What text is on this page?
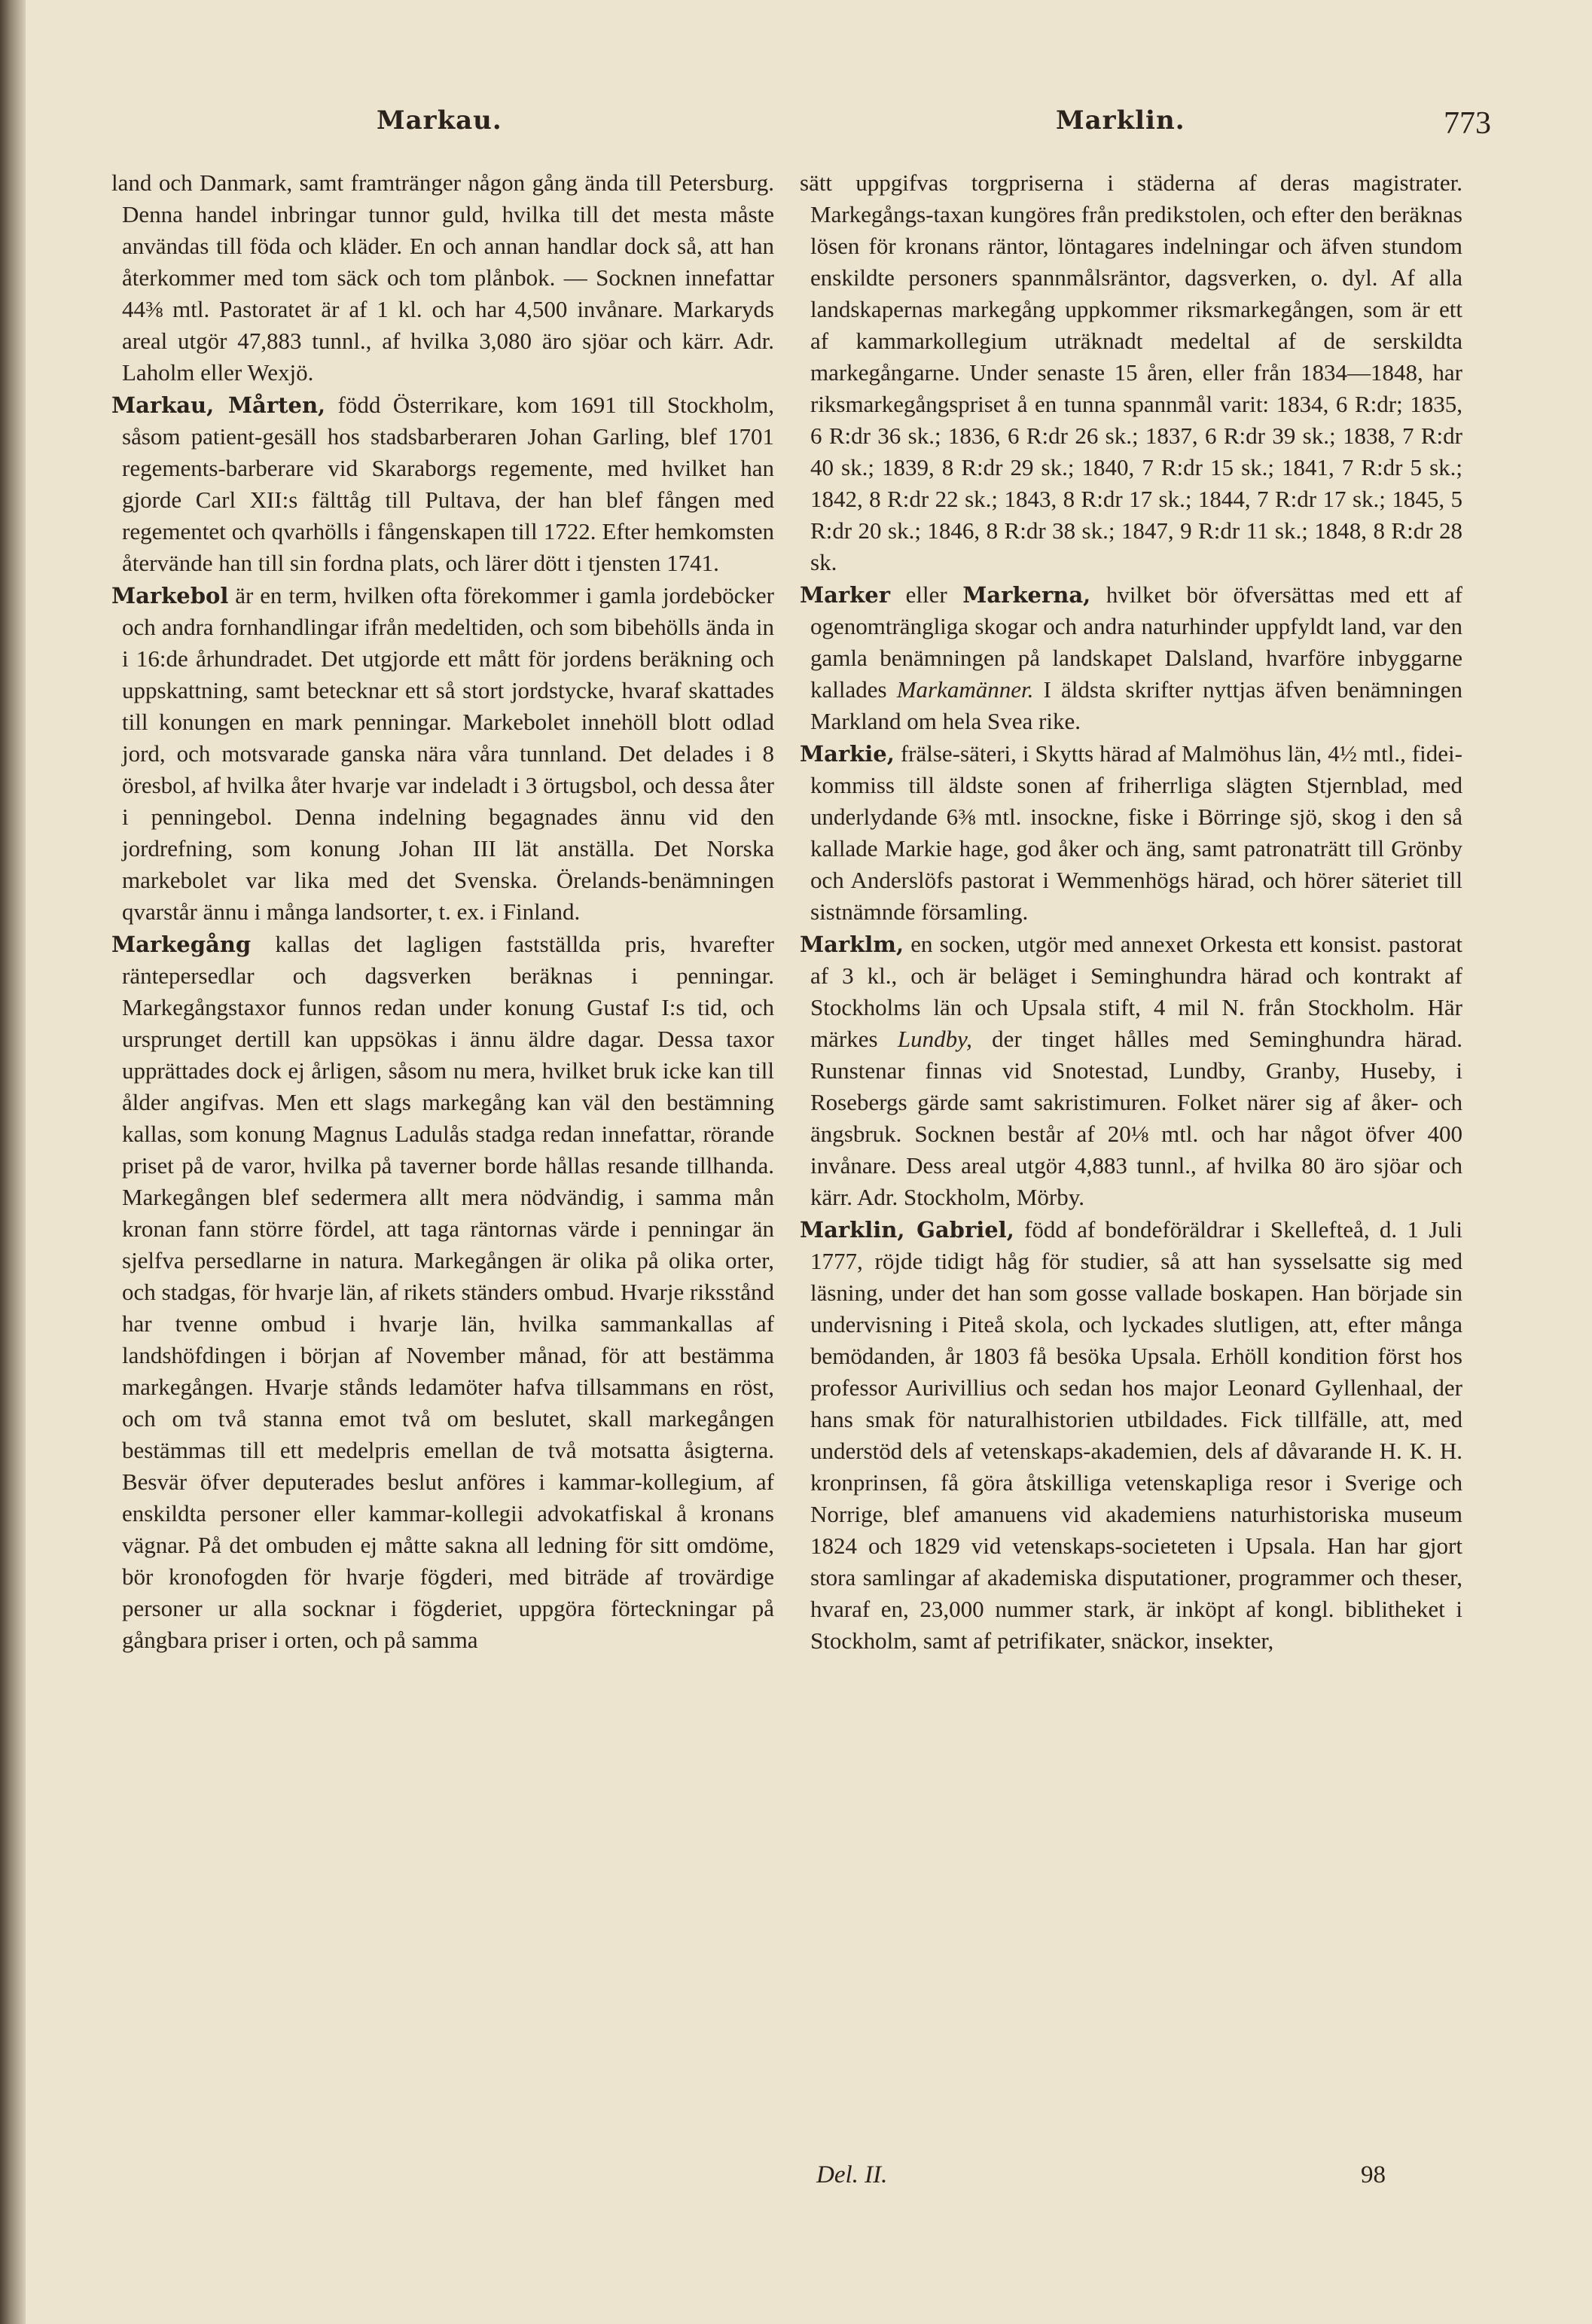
Markau.	Marklin.	773

land och Danmark, samt framtränger någon gång ända till Petersburg. Denna handel inbringar tunnor guld, hvilka till det mesta måste användas till föda och kläder. En och annan handlar dock så, att han återkommer med tom säck och tom plånbok. — Socknen innefattar 44⅜ mtl. Pastoratet är af 1 kl. och har 4,500 invånare. Markaryds areal utgör 47,883 tunnl., af hvilka 3,080 äro sjöar och kärr. Adr. Laholm eller Wexjö.

Markau, Mårten, född Österrikare, kom 1691 till Stockholm, såsom patient-gesäll hos stadsbarberaren Johan Garling, blef 1701 regements-barberare vid Skaraborgs regemente, med hvilket han gjorde Carl XII:s fälttåg till Pultava, der han blef fången med regementet och qvarhölls i fångenskapen till 1722. Efter hemkomsten återvände han till sin fordna plats, och lärer dött i tjensten 1741.

Markebol är en term, hvilken ofta förekommer i gamla jordeböcker och andra fornhandlingar ifrån medeltiden, och som bibehölls ända in i 16:de århundradet. Det utgjorde ett mått för jordens beräkning och uppskattning, samt betecknar ett så stort jordstycke, hvaraf skattades till konungen en mark penningar. Markebolet innehöll blott odlad jord, och motsvarade ganska nära våra tunnland. Det delades i 8 öresbol, af hvilka åter hvarje var indeladt i 3 örtugsbol, och dessa åter i penningebol. Denna indelning begagnades ännu vid den jordrefning, som konung Johan III lät anställa. Det Norska markebolet var lika med det Svenska. Örelands-benämningen qvarstår ännu i många landsorter, t. ex. i Finland.

Markegång kallas det lagligen fastställda pris, hvarefter räntepersedlar och dagsverken beräknas i penningar. Markegångstaxor funnos redan under konung Gustaf I:s tid, och ursprunget dertill kan uppsökas i ännu äldre dagar. Dessa taxor upprättades dock ej årligen, såsom nu mera, hvilket bruk icke kan till ålder angifvas. Men ett slags markegång kan väl den bestämning kallas, som konung Magnus Ladulås stadga redan innefattar, rörande priset på de varor, hvilka på taverner borde hållas resande tillhanda. Markegången blef sedermera allt mera nödvändig, i samma mån kronan fann större fördel, att taga räntornas värde i penningar än sjelfva persedlarne in natura. Markegången är olika på olika orter, och stadgas, för hvarje län, af rikets ständers ombud. Hvarje riksstånd har tvenne ombud i hvarje län, hvilka sammankallas af landshöfdingen i början af November månad, för att bestämma markegången. Hvarje stånds ledamöter hafva tillsammans en röst, och om två stanna emot två om beslutet, skall markegången bestämmas till ett medelpris emellan de två motsatta åsigterna. Besvär öfver deputerades beslut anföres i kammar-kollegium, af enskildta personer eller kammar-kollegii advokatfiskal å kronans vägnar. På det ombuden ej måtte sakna all ledning för sitt omdöme, bör kronofogden för hvarje fögderi, med biträde af trovärdige personer ur alla socknar i fögderiet, uppgöra förteckningar på gångbara priser i orten, och på samma

sätt uppgifvas torgpriserna i städerna af deras magistrater. Markegångs-taxan kungöres från predikstolen, och efter den beräknas lösen för kronans räntor, löntagares indelningar och äfven stundom enskildte personers spannmålsräntor, dagsverken, o. dyl. Af alla landskapernas markegång uppkommer riksmarkegången, som är ett af kammarkollegium uträknadt medeltal af de serskildta markegångarne. Under senaste 15 åren, eller från 1834—1848, har riksmarkegångspriset å en tunna spannmål varit: 1834, 6 R:dr; 1835, 6 R:dr 36 sk.; 1836, 6 R:dr 26 sk.; 1837, 6 R:dr 39 sk.; 1838, 7 R:dr 40 sk.; 1839, 8 R:dr 29 sk.; 1840, 7 R:dr 15 sk.; 1841, 7 R:dr 5 sk.; 1842, 8 R:dr 22 sk.; 1843, 8 R:dr 17 sk.; 1844, 7 R:dr 17 sk.; 1845, 5 R:dr 20 sk.; 1846, 8 R:dr 38 sk.; 1847, 9 R:dr 11 sk.; 1848, 8 R:dr 28 sk.

Marker eller Markerna, hvilket bör öfversättas med ett af ogenomträngliga skogar och andra naturhinder uppfyldt land, var den gamla benämningen på landskapet Dalsland, hvarföre inbyggarne kallades Markamänner. I äldsta skrifter nyttjas äfven benämningen Markland om hela Svea rike.

Markie, frälse-säteri, i Skytts härad af Malmöhus län, 4½ mtl., fidei-kommiss till äldste sonen af friherrliga slägten Stjernblad, med underlydande 6⅜ mtl. insockne, fiske i Börringe sjö, skog i den så kallade Markie hage, god åker och äng, samt patronaträtt till Grönby och Anderslöfs pastorat i Wemmenhögs härad, och hörer säteriet till sistnämnde församling.

Marklm, en socken, utgör med annexet Orkesta ett konsist. pastorat af 3 kl., och är beläget i Seminghundra härad och kontrakt af Stockholms län och Upsala stift, 4 mil N. från Stockholm. Här märkes Lundby, der tinget hålles med Seminghundra härad. Runstenar finnas vid Snotestad, Lundby, Granby, Huseby, i Rosebergs gärde samt sakristimuren. Folket närer sig af åker- och ängsbruk. Socknen består af 20⅛ mtl. och har något öfver 400 invånare. Dess areal utgör 4,883 tunnl., af hvilka 80 äro sjöar och kärr. Adr. Stockholm, Mörby.

Marklin, Gabriel, född af bondeföräldrar i Skellefteå, d. 1 Juli 1777, röjde tidigt håg för studier, så att han sysselsatte sig med läsning, under det han som gosse vallade boskapen. Han började sin undervisning i Piteå skola, och lyckades slutligen, att, efter många bemödanden, år 1803 få besöka Upsala. Erhöll kondition först hos professor Aurivillius och sedan hos major Leonard Gyllenhaal, der hans smak för naturalhistorien utbildades. Fick tillfälle, att, med understöd dels af vetenskaps-akademien, dels af dåvarande H. K. H. kronprinsen, få göra åtskilliga vetenskapliga resor i Sverige och Norrige, blef amanuens vid akademiens naturhistoriska museum 1824 och 1829 vid vetenskaps-societeten i Upsala. Han har gjort stora samlingar af akademiska disputationer, programmer och theser, hvaraf en, 23,000 nummer stark, är inköpt af kongl. biblitheket i Stockholm, samt af petrifikater, snäckor, insekter,

Del. II.	98
